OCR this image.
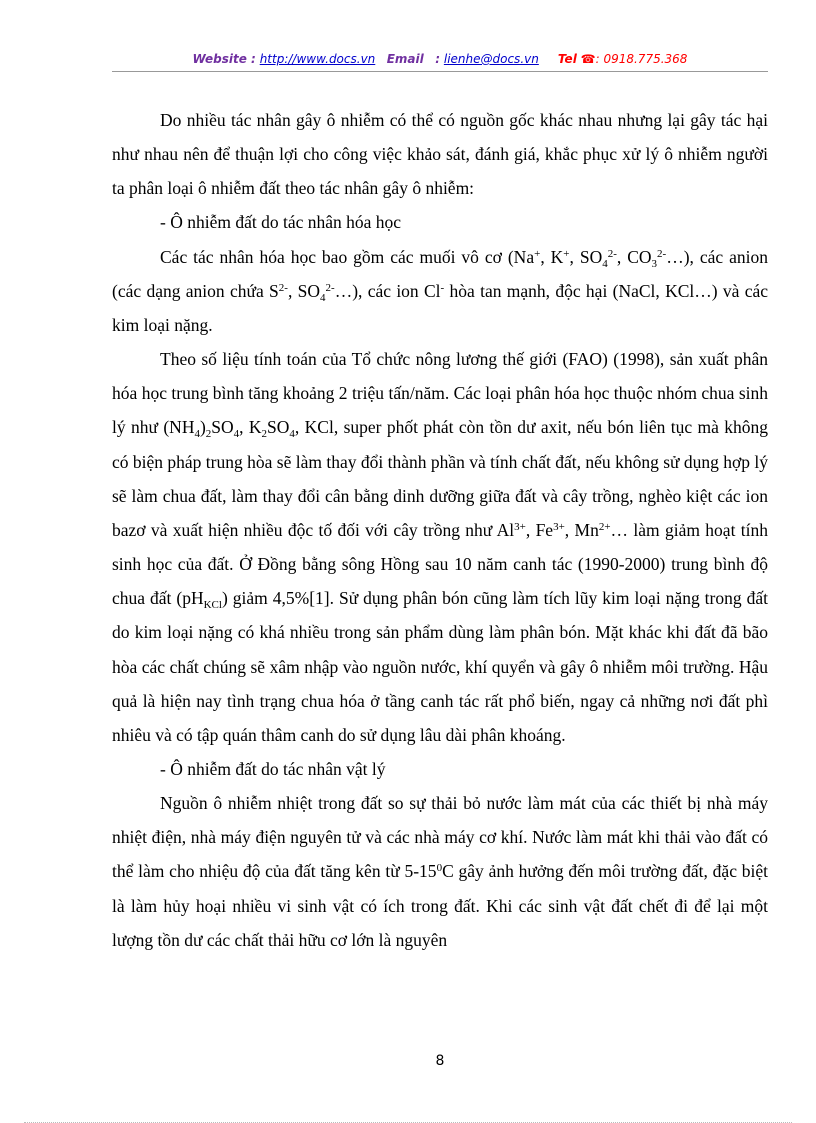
Website : http://www.docs.vn Email : lienhe@docs.vn Tel ☎: 0918.775.368

Do nhiều tác nhân gây ô nhiễm có thể có nguồn gốc khác nhau nhưng lại gây tác hại như nhau nên để thuận lợi cho công việc khảo sát, đánh giá, khắc phục xử lý ô nhiễm người ta phân loại ô nhiễm đất theo tác nhân gây ô nhiễm:

- Ô nhiễm đất do tác nhân hóa học

Các tác nhân hóa học bao gồm các muối vô cơ (Na+, K+, $SO_4^{2-}$, $CO_3^{2-}\dots$), các anion (các dạng anion chứa $S^{2-}$, $SO_4^{2-}\dots$), các ion Cl- hòa tan mạnh, độc hại (NaCl, KCl…) và các kim loại nặng.

Theo số liệu tính toán của Tổ chức nông lương thế giới (FAO) (1998), sản xuất phân hóa học trung bình tăng khoảng 2 triệu tấn/năm. Các loại phân hóa học thuộc nhóm chua sinh lý như $(NH_4)_2SO_4$, $K_2SO_4$, KCl, super phốt phát còn tồn dư axit, nếu bón liên tục mà không có biện pháp trung hòa sẽ làm thay đổi thành phần và tính chất đất, nếu không sử dụng hợp lý sẽ làm chua đất, làm thay đổi cân bằng dinh dưỡng giữa đất và cây trồng, nghèo kiệt các ion bazơ và xuất hiện nhiều độc tố đối với cây trồng như $Al^{3+}$, $Fe^{3+}$, $Mn^{2+}\dots$ làm giảm hoạt tính sinh học của đất. Ở Đồng bằng sông Hồng sau 10 năm canh tác (1990-2000) trung bình độ chua đất $(pH_{KCl})$ giảm 4,5%[1]. Sử dụng phân bón cũng làm tích lũy kim loại nặng trong đất do kim loại nặng có khá nhiều trong sản phẩm dùng làm phân bón. Mặt khác khi đất đã bão hòa các chất chúng sẽ xâm nhập vào nguồn nước, khí quyển và gây ô nhiễm môi trường. Hậu quả là hiện nay tình trạng chua hóa ở tầng canh tác rất phổ biến, ngay cả những nơi đất phì nhiêu và có tập quán thâm canh do sử dụng lâu dài phân khoáng.

- Ô nhiễm đất do tác nhân vật lý

Nguồn ô nhiễm nhiệt trong đất so sự thải bỏ nước làm mát của các thiết bị nhà máy nhiệt điện, nhà máy điện nguyên tử và các nhà máy cơ khí. Nước làm mát khi thải vào đất có thể làm cho nhiệu độ của đất tăng kên từ $5-15^0C$ gây ảnh hưởng đến môi trường đất, đặc biệt là làm hủy hoại nhiều vi sinh vật có ích trong đất. Khi các sinh vật đất chết đi để lại một lượng tồn dư các chất thải hữu cơ lớn là nguyên

8
